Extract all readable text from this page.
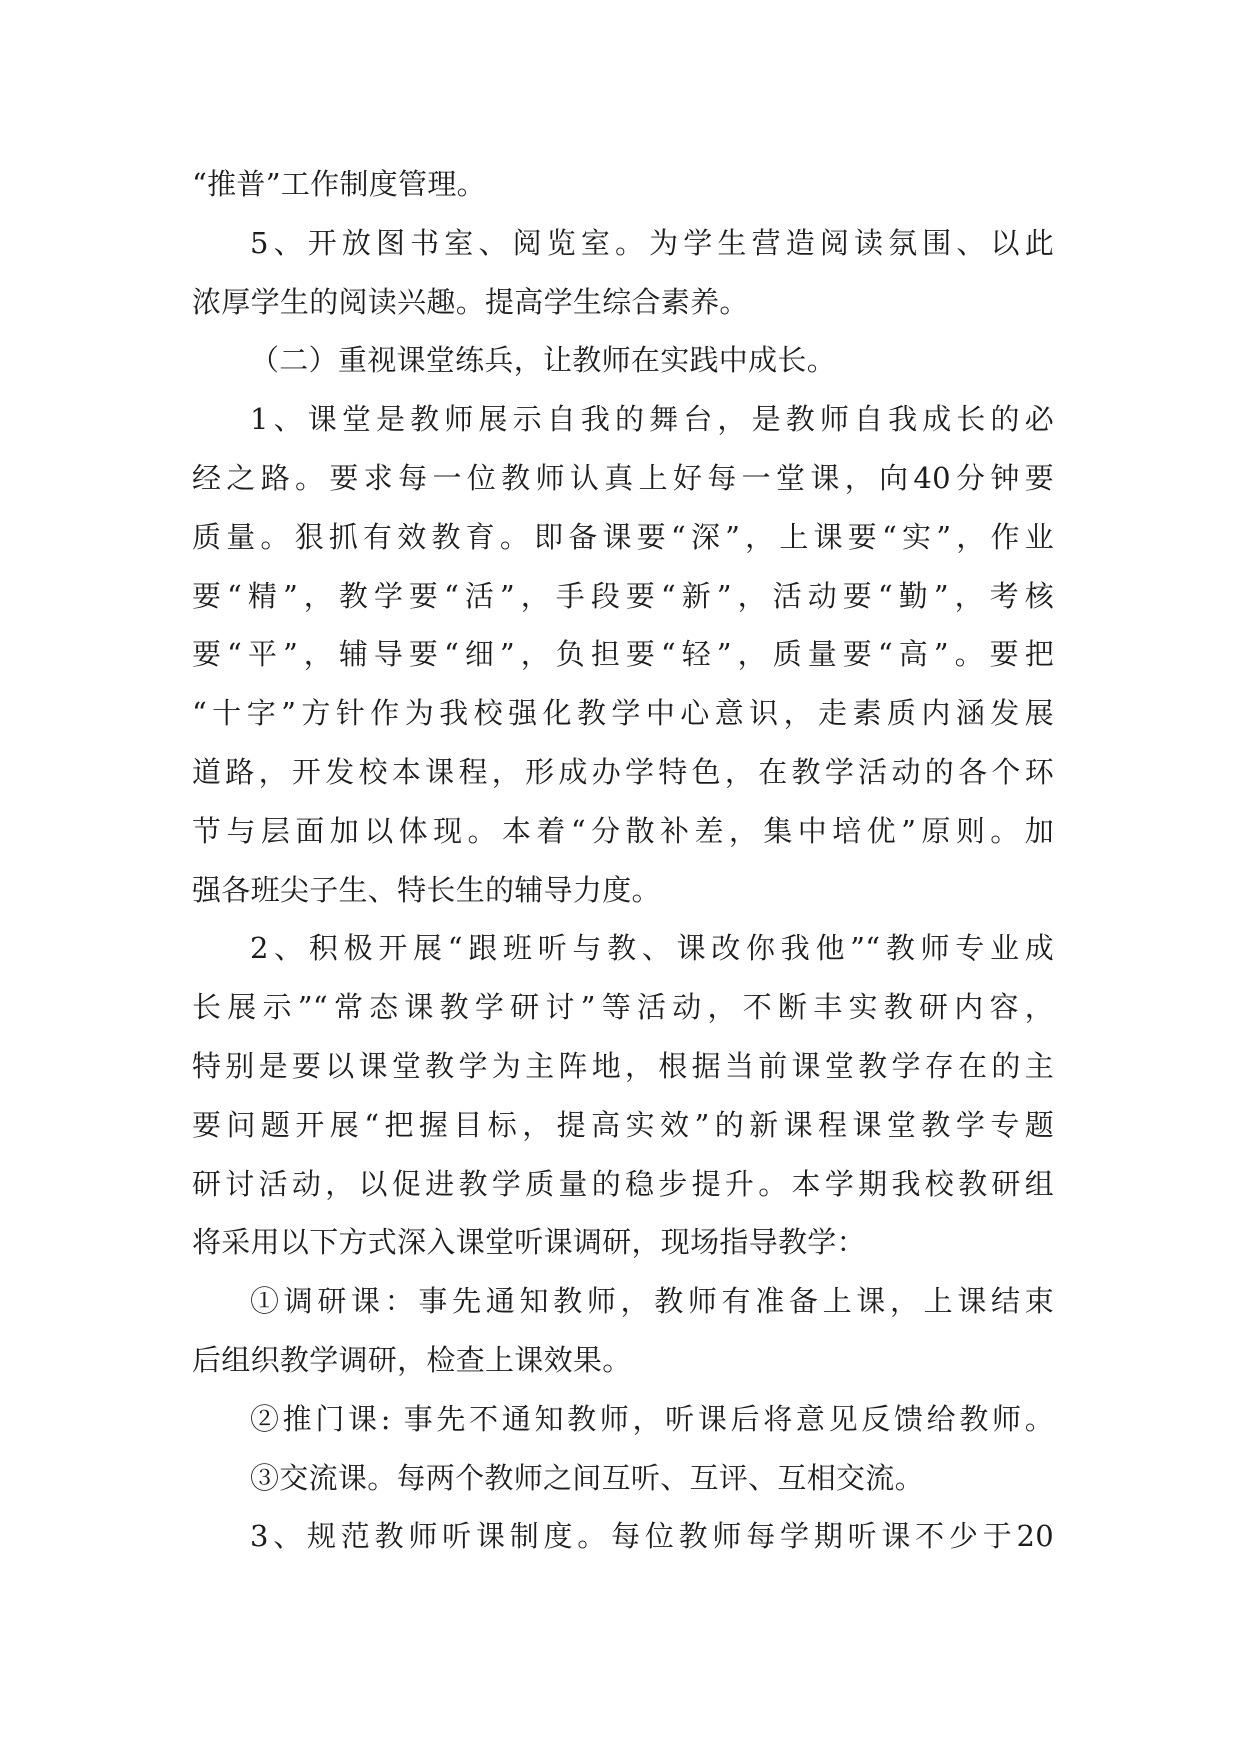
“推普”工作制度管理。
5、开放图书室、阅览室。为学生营造阅读氛围、以此
浓厚学生的阅读兴趣。提高学生综合素养。
（二）重视课堂练兵，让教师在实践中成长。
1、课堂是教师展示自我的舞台，是教师自我成长的必
经之路。要求每一位教师认真上好每一堂课，向40分钟要
质量。狠抓有效教育。即备课要“深”，上课要“实”，作业
要“精”，教学要“活”，手段要“新”，活动要“勤”，考核
要“平”，辅导要“细”，负担要“轻”，质量要“高”。要把
“十字”方针作为我校强化教学中心意识，走素质内涵发展
道路，开发校本课程，形成办学特色，在教学活动的各个环
节与层面加以体现。本着“分散补差，集中培优”原则。加
强各班尖子生、特长生的辅导力度。
2、积极开展“跟班听与教、课改你我他”“教师专业成
长展示”“常态课教学研讨”等活动，不断丰实教研内容，
特别是要以课堂教学为主阵地，根据当前课堂教学存在的主
要问题开展“把握目标，提高实效”的新课程课堂教学专题
研讨活动，以促进教学质量的稳步提升。本学期我校教研组
将采用以下方式深入课堂听课调研，现场指导教学：
①调研课：事先通知教师，教师有准备上课，上课结束
后组织教学调研，检查上课效果。
②推门课: 事先不通知教师，听课后将意见反馈给教师。
③交流课。每两个教师之间互听、互评、互相交流。
3、规范教师听课制度。每位教师每学期听课不少于20
